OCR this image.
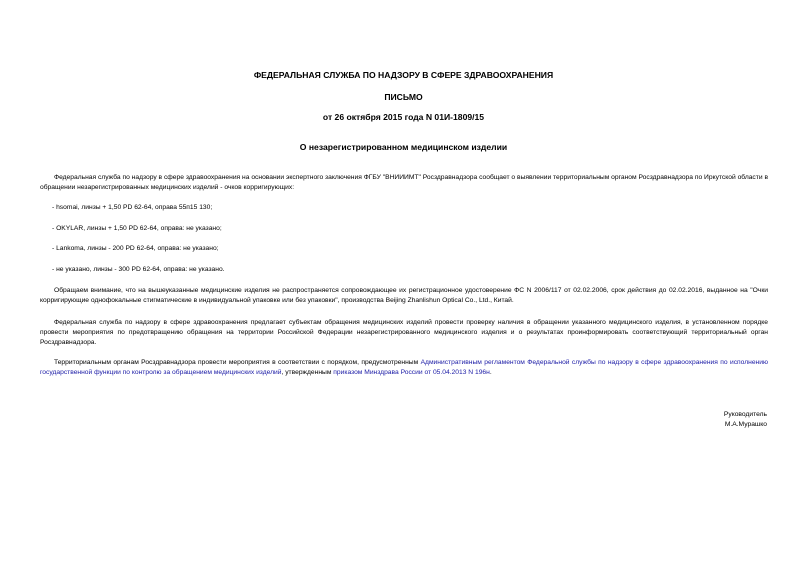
ФЕДЕРАЛЬНАЯ СЛУЖБА ПО НАДЗОРУ В СФЕРЕ ЗДРАВООХРАНЕНИЯ
ПИСЬМО
от 26 октября 2015 года N 01И-1809/15
О незарегистрированном медицинском изделии

Федеральная служба по надзору в сфере здравоохранения на основании экспертного заключения ФГБУ "ВНИИИМТ" Росздравнадзора сообщает о выявлении территориальным органом Росздравнадзора по Иркутской области в обращении незарегистрированных медицинских изделий - очков корригирующих:

- hsomai, линзы + 1,50 PD 62-64, оправа 55п15 130;
- OKYLAR, линзы + 1,50 PD 62-64, оправа: не указано;
- Lankoma, линзы - 200 PD 62-64, оправа: не указано;
- не указано, линзы - 300 PD 62-64, оправа: не указано.

Обращаем внимание, что на вышеуказанные медицинские изделия не распространяется сопровождающее их регистрационное удостоверение ФС N 2006/117 от 02.02.2006, срок действия до 02.02.2016, выданное на "Очки корригирующие однофокальные стигматические в индивидуальной упаковке или без упаковки", производства Beijing Zhanlishun Optical Co., Ltd., Китай.

Федеральная служба по надзору в сфере здравоохранения предлагает субъектам обращения медицинских изделий провести проверку наличия в обращении указанного медицинского изделия, в установленном порядке провести мероприятия по предотвращению обращения на территории Российской Федерации незарегистрированного медицинского изделия и о результатах проинформировать соответствующий территориальный орган Росздравнадзора.

Территориальным органам Росздравнадзора провести мероприятия в соответствии с порядком, предусмотренным Административным регламентом Федеральной службы по надзору в сфере здравоохранения по исполнению государственной функции по контролю за обращением медицинских изделий, утвержденным приказом Минздрава России от 05.04.2013 N 196н.

Руководитель
М.А.Мурашко
